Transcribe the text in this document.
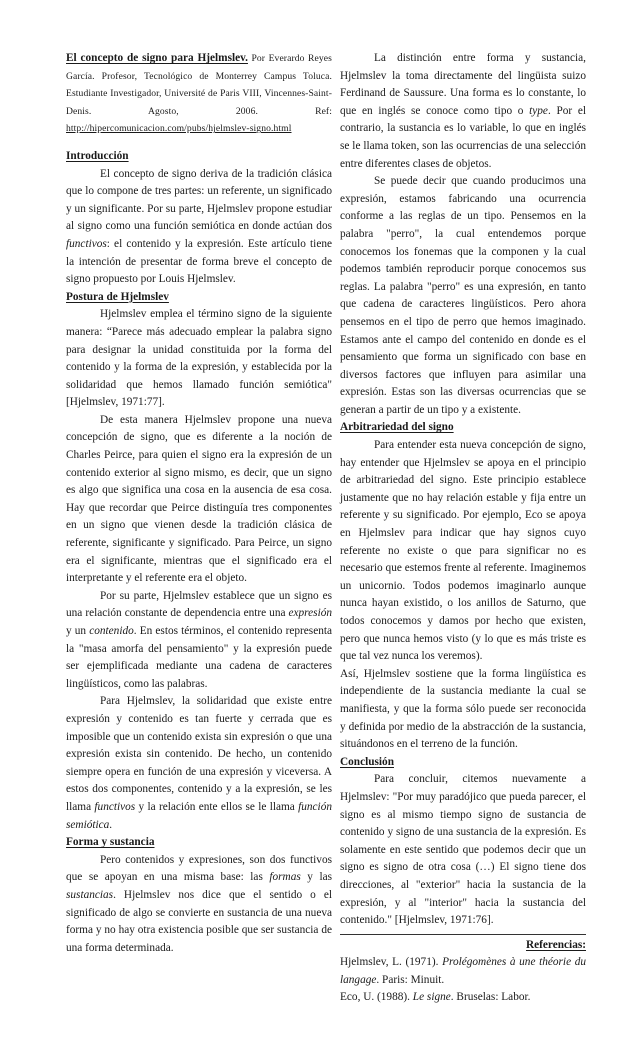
El concepto de signo para Hjelmslev. Por Everardo Reyes García. Profesor, Tecnológico de Monterrey Campus Toluca. Estudiante Investigador, Université de Paris VIII, Vincennes-Saint-Denis. Agosto, 2006. Ref: http://hipercomunicacion.com/pubs/hjelmslev-signo.html

Introducción

El concepto de signo deriva de la tradición clásica que lo compone de tres partes: un referente, un significado y un significante. Por su parte, Hjelmslev propone estudiar al signo como una función semiótica en donde actúan dos functivos: el contenido y la expresión. Este artículo tiene la intención de presentar de forma breve el concepto de signo propuesto por Louis Hjelmslev.

Postura de Hjelmslev

Hjelmslev emplea el término signo de la siguiente manera: “Parece más adecuado emplear la palabra signo para designar la unidad constituida por la forma del contenido y la forma de la expresión, y establecida por la solidaridad que hemos llamado función semiótica" [Hjelmslev, 1971:77].

De esta manera Hjelmslev propone una nueva concepción de signo, que es diferente a la noción de Charles Peirce, para quien el signo era la expresión de un contenido exterior al signo mismo, es decir, que un signo es algo que significa una cosa en la ausencia de esa cosa. Hay que recordar que Peirce distinguía tres componentes en un signo que vienen desde la tradición clásica de referente, significante y significado. Para Peirce, un signo era el significante, mientras que el significado era el interpretante y el referente era el objeto.

Por su parte, Hjelmslev establece que un signo es una relación constante de dependencia entre una expresión y un contenido. En estos términos, el contenido representa la "masa amorfa del pensamiento" y la expresión puede ser ejemplificada mediante una cadena de caracteres lingüísticos, como las palabras.

Para Hjelmslev, la solidaridad que existe entre expresión y contenido es tan fuerte y cerrada que es imposible que un contenido exista sin expresión o que una expresión exista sin contenido. De hecho, un contenido siempre opera en función de una expresión y viceversa. A estos dos componentes, contenido y a la expresión, se les llama functivos y la relación ente ellos se le llama función semiótica.

Forma y sustancia

Pero contenidos y expresiones, son dos functivos que se apoyan en una misma base: las formas y las sustancias. Hjelmslev nos dice que el sentido o el significado de algo se convierte en sustancia de una nueva forma y no hay otra existencia posible que ser sustancia de una forma determinada.

La distinción entre forma y sustancia, Hjelmslev la toma directamente del lingüista suizo Ferdinand de Saussure. Una forma es lo constante, lo que en inglés se conoce como tipo o type. Por el contrario, la sustancia es lo variable, lo que en inglés se le llama token, son las ocurrencias de una selección entre diferentes clases de objetos.

Se puede decir que cuando producimos una expresión, estamos fabricando una ocurrencia conforme a las reglas de un tipo. Pensemos en la palabra "perro", la cual entendemos porque conocemos los fonemas que la componen y la cual podemos también reproducir porque conocemos sus reglas. La palabra "perro" es una expresión, en tanto que cadena de caracteres lingüísticos. Pero ahora pensemos en el tipo de perro que hemos imaginado. Estamos ante el campo del contenido en donde es el pensamiento que forma un significado con base en diversos factores que influyen para asimilar una expresión. Estas son las diversas ocurrencias que se generan a partir de un tipo y a existente.

Arbitrariedad del signo

Para entender esta nueva concepción de signo, hay entender que Hjelmslev se apoya en el principio de arbitrariedad del signo. Este principio establece justamente que no hay relación estable y fija entre un referente y su significado. Por ejemplo, Eco se apoya en Hjelmslev para indicar que hay signos cuyo referente no existe o que para significar no es necesario que estemos frente al referente. Imaginemos un unicornio. Todos podemos imaginarlo aunque nunca hayan existido, o los anillos de Saturno, que todos conocemos y damos por hecho que existen, pero que nunca hemos visto (y lo que es más triste es que tal vez nunca los veremos).

Así, Hjelmslev sostiene que la forma lingüística es independiente de la sustancia mediante la cual se manifiesta, y que la forma sólo puede ser reconocida y definida por medio de la abstracción de la sustancia, situándonos en el terreno de la función.

Conclusión

Para concluir, citemos nuevamente a Hjelmslev: "Por muy paradójico que pueda parecer, el signo es al mismo tiempo signo de sustancia de contenido y signo de una sustancia de la expresión. Es solamente en este sentido que podemos decir que un signo es signo de otra cosa (…) El signo tiene dos direcciones, al "exterior" hacia la sustancia de la expresión, y al "interior" hacia la sustancia del contenido." [Hjelmslev, 1971:76].

Referencias:

Hjelmslev, L. (1971). Prolégomènes à une théorie du langage. Paris: Minuit.

Eco, U. (1988). Le signe. Bruselas: Labor.
